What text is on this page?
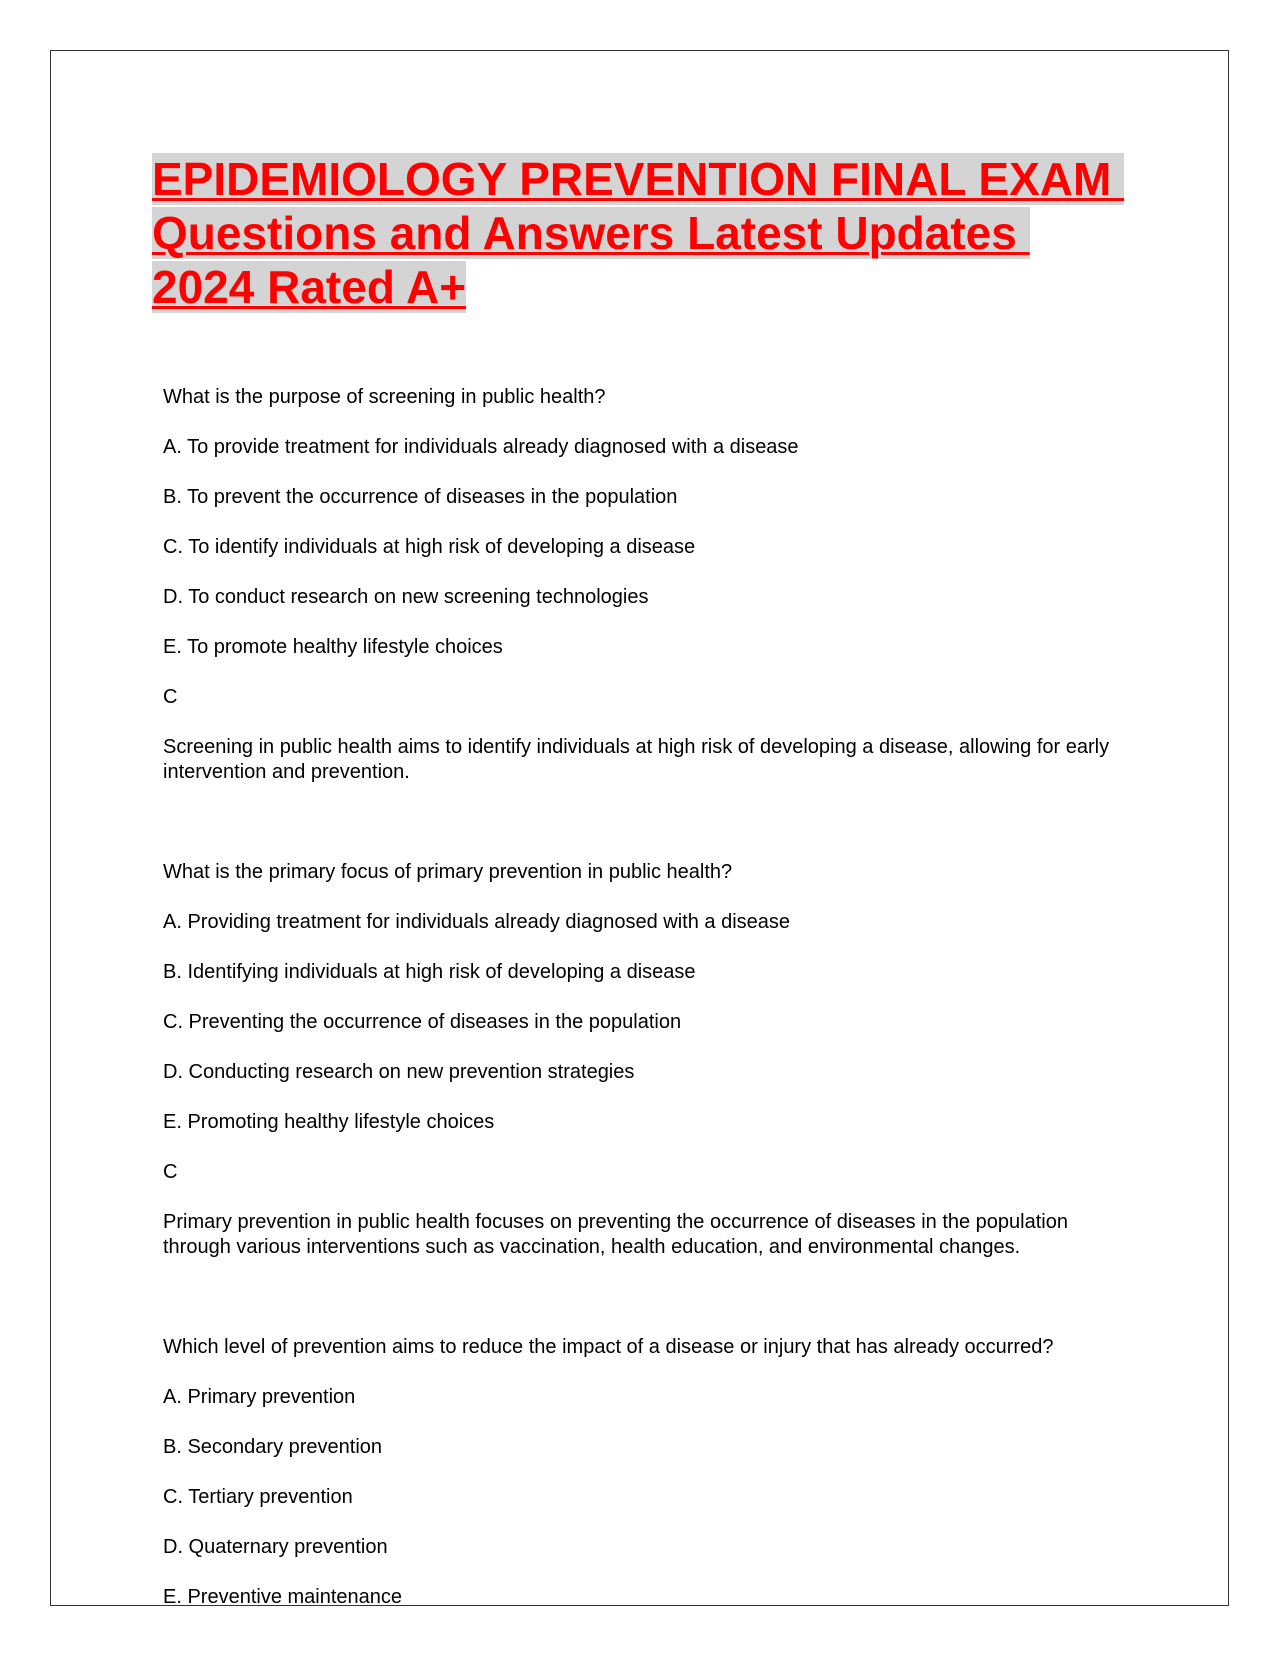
EPIDEMIOLOGY PREVENTION FINAL EXAM
Questions and Answers Latest Updates
2024 Rated A+

What is the purpose of screening in public health?

A. To provide treatment for individuals already diagnosed with a disease

B. To prevent the occurrence of diseases in the population

C. To identify individuals at high risk of developing a disease

D. To conduct research on new screening technologies

E. To promote healthy lifestyle choices

C

Screening in public health aims to identify individuals at high risk of developing a disease, allowing for early intervention and prevention.

What is the primary focus of primary prevention in public health?

A. Providing treatment for individuals already diagnosed with a disease

B. Identifying individuals at high risk of developing a disease

C. Preventing the occurrence of diseases in the population

D. Conducting research on new prevention strategies

E. Promoting healthy lifestyle choices

C

Primary prevention in public health focuses on preventing the occurrence of diseases in the population through various interventions such as vaccination, health education, and environmental changes.

Which level of prevention aims to reduce the impact of a disease or injury that has already occurred?

A. Primary prevention

B. Secondary prevention

C. Tertiary prevention

D. Quaternary prevention

E. Preventive maintenance
